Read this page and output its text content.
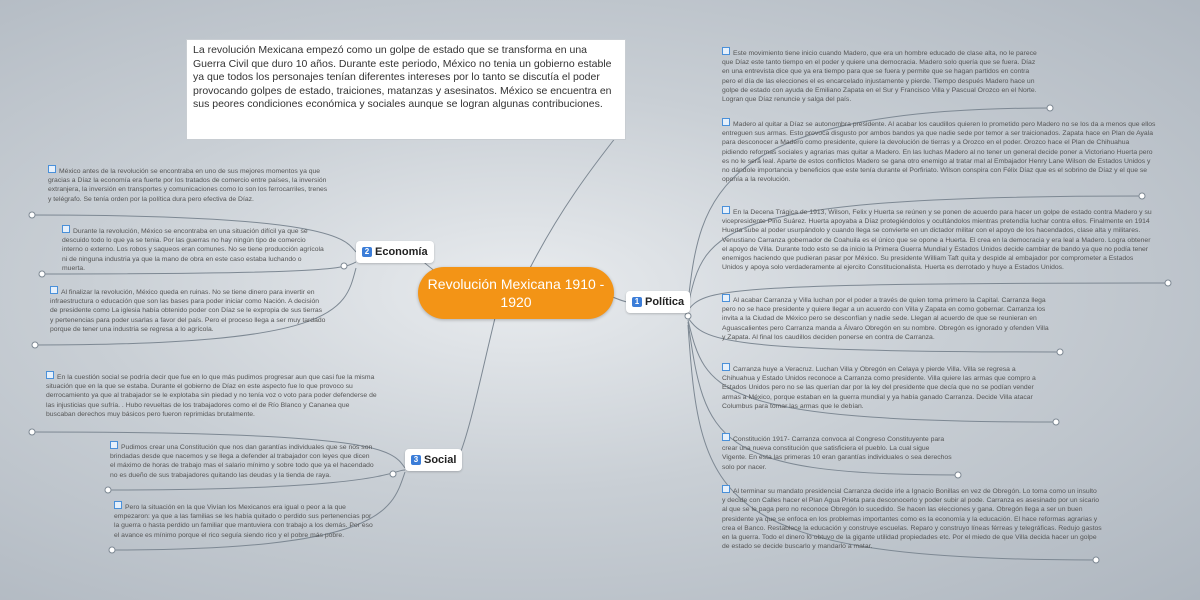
La revolución Mexicana empezó como un golpe de estado que se transforma en una Guerra Civil que duro 10 años. Durante este periodo, México no tenia un gobierno estable ya que todos los personajes tenían diferentes intereses por lo tanto se discutía el poder provocando golpes de estado, traiciones, matanzas y asesinatos. México se encuentra en sus peores condiciones económica y sociales aunque se logran algunas contribuciones.
Revolución Mexicana 1910 - 1920	1 Política
2 Economía
3 Social
Este movimiento tiene inicio cuando Madero, que era un hombre educado de clase alta, no le parece que Díaz este tanto tiempo en el poder y quiere una democracia. Madero solo quería que se fuera. Díaz en una entrevista dice que ya era tiempo para que se fuera y permite que se hagan partidos en contra pero el día de las elecciones el es encarcelado injustamente y pierde. Tiempo después Madero hace un golpe de estado con ayuda de Emiliano Zapata en el Sur y Francisco Villa y Pascual Orozco en el Norte. Logran que Díaz renuncie y salga del país.
Madero al quitar a Díaz se autonombra presidente. Al acabar los caudillos quieren lo prometido pero Madero no se los da a menos que ellos entreguen sus armas. Esto provoca disgusto por ambos bandos ya que nadie sede por temor a ser traicionados. Zapata hace en Plan de Ayala para desconocer a Madero como presidente, quiere la devolución de tierras y a Orozco en el poder. Orozco hace el Plan de Chihuahua pidiendo reformas sociales y agrarias mas quitar a Madero. En las luchas Madero al no tener un general decide poner a Victoriano Huerta pero es no le será leal. Aparte de estos conflictos Madero se gana otro enemigo al tratar mal al Embajador Henry Lane Wilson de Estados Unidos y no dándole importancia y beneficios que este tenía durante el Porfiriato. Wilson conspira con Félix Díaz que es el sobrino de Díaz y el que se oponía a la revolución.
En la Decena Trágica de 1913, Wilson, Felix y Huerta se reúnen y se ponen de acuerdo para hacer un golpe de estado contra Madero y su vicepresidente Pino Suárez. Huerta apoyaba a Díaz protegiéndolos y ocultándolos mientras pretendía luchar contra ellos. Finalmente en 1914 Huerta sube al poder usurpándolo y cuando llega se convierte en un dictador militar con el apoyo de los hacendados, clase alta y militares. Venustiano Carranza gobernador de Coahuila es el único que se opone a Huerta. El crea en la democracia y era leal a Madero. Logra obtener el apoyo de Villa. Durante todo esto se da inicio la Primera Guerra Mundial y Estados Unidos decide cambiar de bando ya que no podía tener enemigos haciendo que pudieran pasar por México. Su presidente William Taft quita y despide al embajador por comprometer a Estados Unidos y apoya solo verdaderamente al ejercito Constitucionalista. Huerta es derrotado y huye a Estados Unidos.
Al acabar Carranza y Villa luchan por el poder a través de quien toma primero la Capital. Carranza llega pero no se hace presidente y quiere llegar a un acuerdo con Villa y Zapata en como gobernar. Carranza los invita a la Ciudad de México pero se desconfían y nadie sede. Llegan al acuerdo de que se reunieran en Aguascalientes pero Carranza manda a Álvaro Obregón en su nombre. Obregón es ignorado y ofenden Villa y Zapata. Al final los caudillos deciden ponerse en contra de Carranza.
Carranza huye a Veracruz. Luchan Villa y Obregón en Celaya y pierde Villa. Villa se regresa a Chihuahua y Estado Unidos reconoce a Carranza como presidente. Villa quiere las armas que compro a Estados Unidos pero no se las querían dar por la ley del presidente que decía que no se podían vender armas a México, porque estaban en la guerra mundial y ya había ganado Carranza. Decide Villa atacar Columbus para tomar las armas que le debían.
Constitución 1917- Carranza convoca al Congreso Constituyente para crear una nueva constitución que satisficiera el pueblo. La cual sigue Vigente. En esta las primeras 10 eran garantías individuales o sea derechos solo por nacer.
Al terminar su mandato presidencial Carranza decide irle a Ignacio Bonillas en vez de Obregón. Lo toma como un insulto y decide con Calles hacer el Plan Agua Prieta para desconocerlo y poder subir al pode. Carranza es asesinado por un sicario al que se le paga pero no reconoce Obregón lo sucedido. Se hacen las elecciones y gana. Obregón llega a ser un buen presidente ya que se enfoca en los problemas importantes como es la economía y la educación. El hace reformas agrarias y crea el Banco. Restablece la educación y construye escuelas. Reparo y construyo líneas férreas y telegráficas. Redujo gastos en la guerra. Todo el dinero lo obtuvo de la gigante utilidad propiedades etc. Por el miedo de que Villa decida hacer un golpe de estado se decide buscarlo y mandarlo a matar.
México antes de la revolución se encontraba en uno de sus mejores momentos ya que gracias a Díaz la economía era fuerte por los tratados de comercio entre países, la inversión extranjera, la inversión en transportes y comunicaciones como lo son los ferrocarriles, trenes y telégrafo. Se tenía orden por la política dura pero efectiva de Díaz.
Durante la revolución, México se encontraba en una situación difícil ya que se descuido todo lo que ya se tenia. Por las guerras no hay ningún tipo de comercio interno o externo. Los robos y saqueos eran comunes. No se tiene producción agrícola ni de ninguna industria ya que la mano de obra en este caso estaba luchando o muerta.
Al finalizar la revolución, México queda en ruinas. No se tiene dinero para invertir en infraestructura o educación que son las bases para poder iniciar como Nación. A decisión de presidente como La iglesia había obtenido poder con Díaz se le expropia de sus tierras y pertenencias para poder usarlas a favor del país. Pero el proceso llega a ser muy tardado porque de tener una industria se regresa a lo agrícola.
En la cuestión social se podría decir que fue en lo que más pudimos progresar aun que casi fue la misma situación que en la que se estaba. Durante el gobierno de Díaz en este aspecto fue lo que provoco su derrocamiento ya que al trabajador se le explotaba sin piedad y no tenía voz o voto para poder defenderse de las injusticias que sufría. . Hubo revueltas de los trabajadores como el de Río Blanco y Cananea que buscaban derechos muy básicos pero fueron reprimidas brutalmente.
Pudimos crear una Constitución que nos dan garantías individuales que se nos son brindadas desde que nacemos y se llega a defender al trabajador con leyes que dicen el máximo de horas de trabajo mas el salario mínimo y sobre todo que ya el hacendado no es dueño de sus trabajadores quitando las deudas y la tienda de raya.
Pero la situación en la que Vivían los Mexicanos era igual o peor a la que empezaron: ya que a las familias se les había quitado o perdido sus pertenencias por la guerra o hasta perdido un familiar que mantuviera con trabajo a los demás. Por eso el avance es mínimo porque el rico seguía siendo rico y el pobre más pobre.
